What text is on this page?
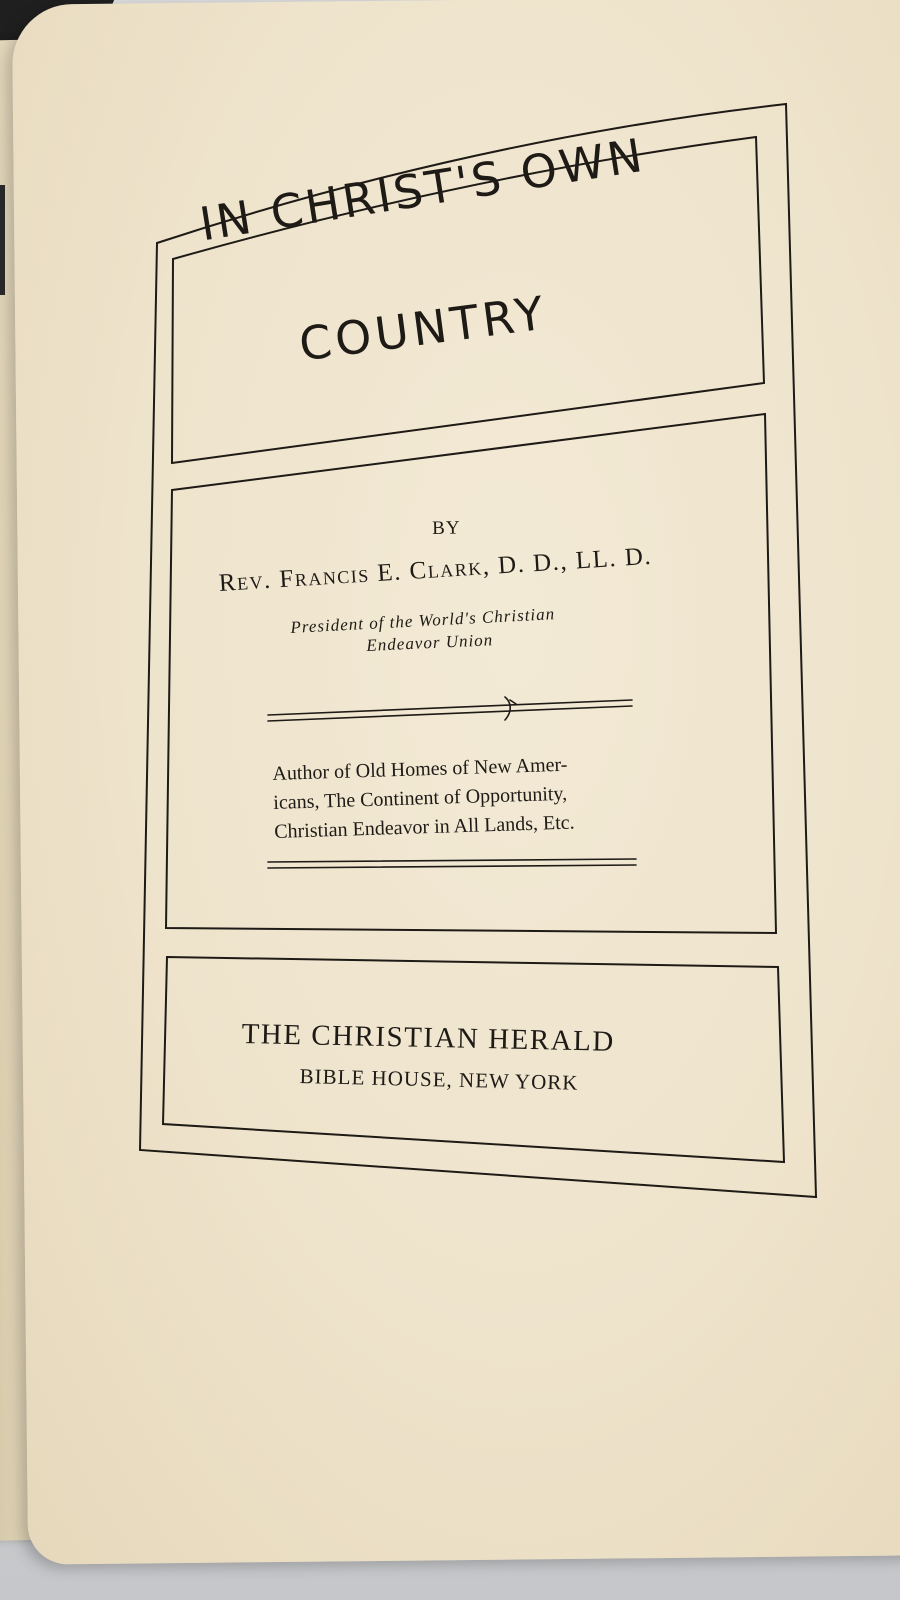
IN CHRIST'S OWN
COUNTRY
BY
Rev. Francis E. Clark, D. D., LL. D.
President of the World's Christian
Endeavor Union
Author of Old Homes of New Amer-
icans, The Continent of Opportunity,
Christian Endeavor in All Lands, Etc.
THE CHRISTIAN HERALD
BIBLE HOUSE, NEW YORK
